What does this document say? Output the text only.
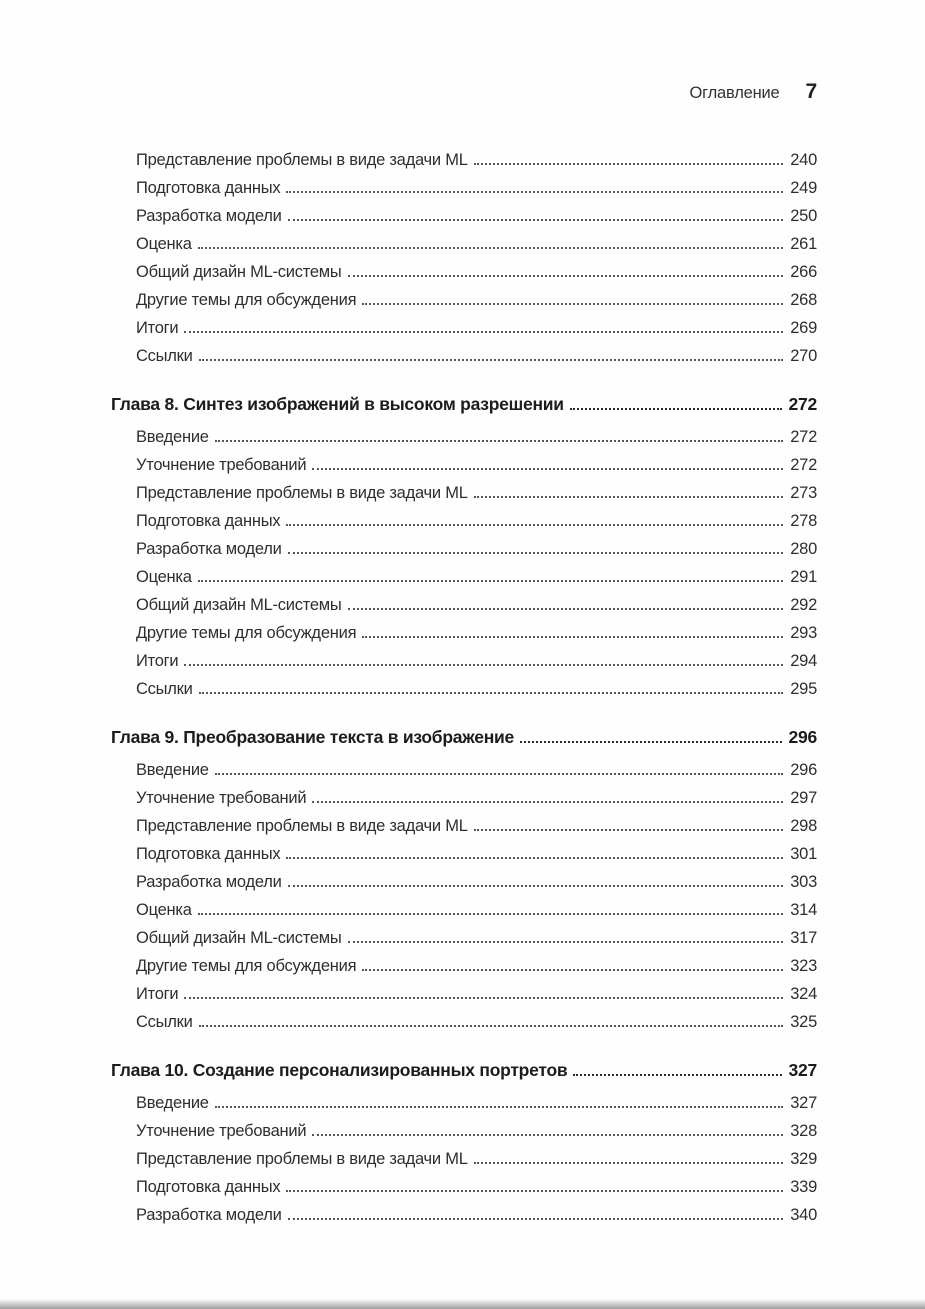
Оглавление 7
Представление проблемы в виде задачи ML	240
Подготовка данных	249
Разработка модели	250
Оценка	261
Общий дизайн ML-системы	266
Другие темы для обсуждения	268
Итоги	269
Ссылки	270
Глава 8. Синтез изображений в высоком разрешении	272
Введение	272
Уточнение требований	272
Представление проблемы в виде задачи ML	273
Подготовка данных	278
Разработка модели	280
Оценка	291
Общий дизайн ML-системы	292
Другие темы для обсуждения	293
Итоги	294
Ссылки	295
Глава 9. Преобразование текста в изображение	296
Введение	296
Уточнение требований	297
Представление проблемы в виде задачи ML	298
Подготовка данных	301
Разработка модели	303
Оценка	314
Общий дизайн ML-системы	317
Другие темы для обсуждения	323
Итоги	324
Ссылки	325
Глава 10. Создание персонализированных портретов	327
Введение	327
Уточнение требований	328
Представление проблемы в виде задачи ML	329
Подготовка данных	339
Разработка модели	340
